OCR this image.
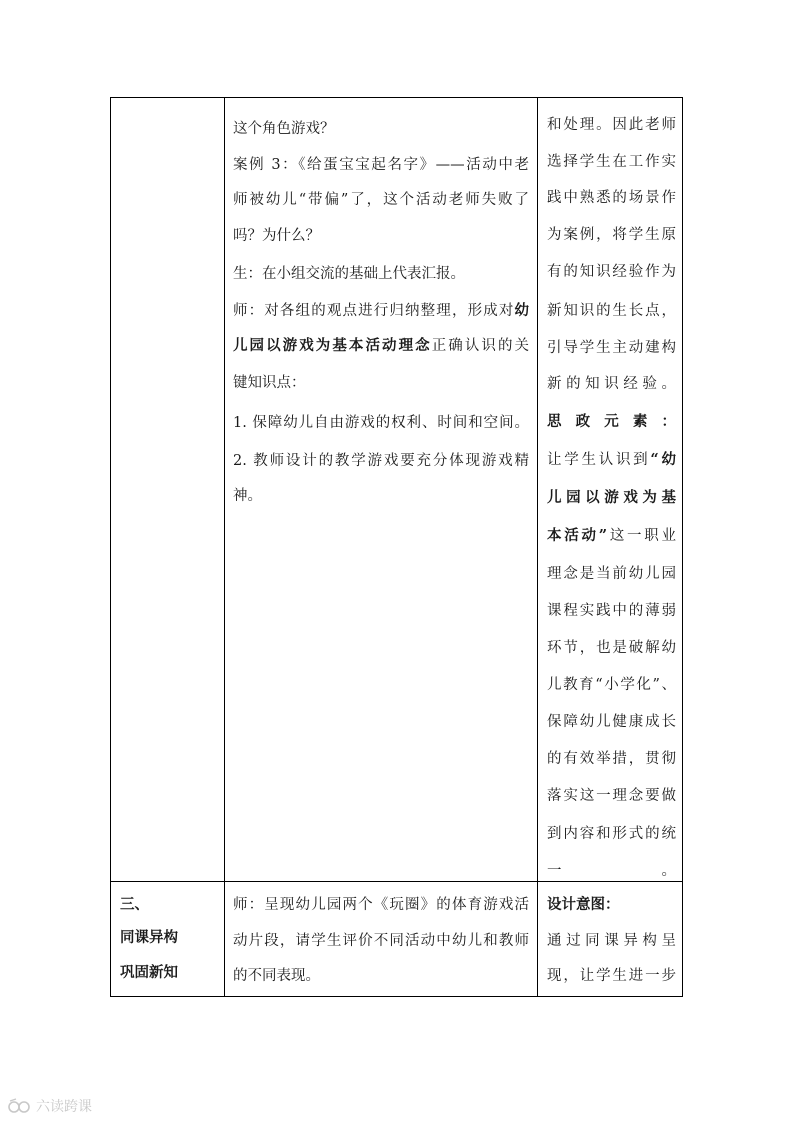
这个角色游戏？
案例 3：《给蛋宝宝起名字》——活动中老
师被幼儿“带偏”了，这个活动老师失败了
吗？为什么？
生：在小组交流的基础上代表汇报。
师：对各组的观点进行归纳整理，形成对幼
儿园以游戏为基本活动理念正确认识的关
键知识点：
1. 保障幼儿自由游戏的权利、时间和空间。
2. 教师设计的教学游戏要充分体现游戏精
神。
和处理。因此老师
选择学生在工作实
践中熟悉的场景作
为案例，将学生原
有的知识经验作为
新知识的生长点，
引导学生主动建构
新的知识经验。
思政元素：
让学生认识到“幼
儿园以游戏为基
本活动”这一职业
理念是当前幼儿园
课程实践中的薄弱
环节，也是破解幼
儿教育“小学化”、
保障幼儿健康成长
的有效举措，贯彻
落实这一理念要做
到内容和形式的统
一。
三、
同课异构
巩固新知
师：呈现幼儿园两个《玩圈》的体育游戏活
动片段，请学生评价不同活动中幼儿和教师
的不同表现。
设计意图：
通过同课异构呈
现，让学生进一步
六读跨课
